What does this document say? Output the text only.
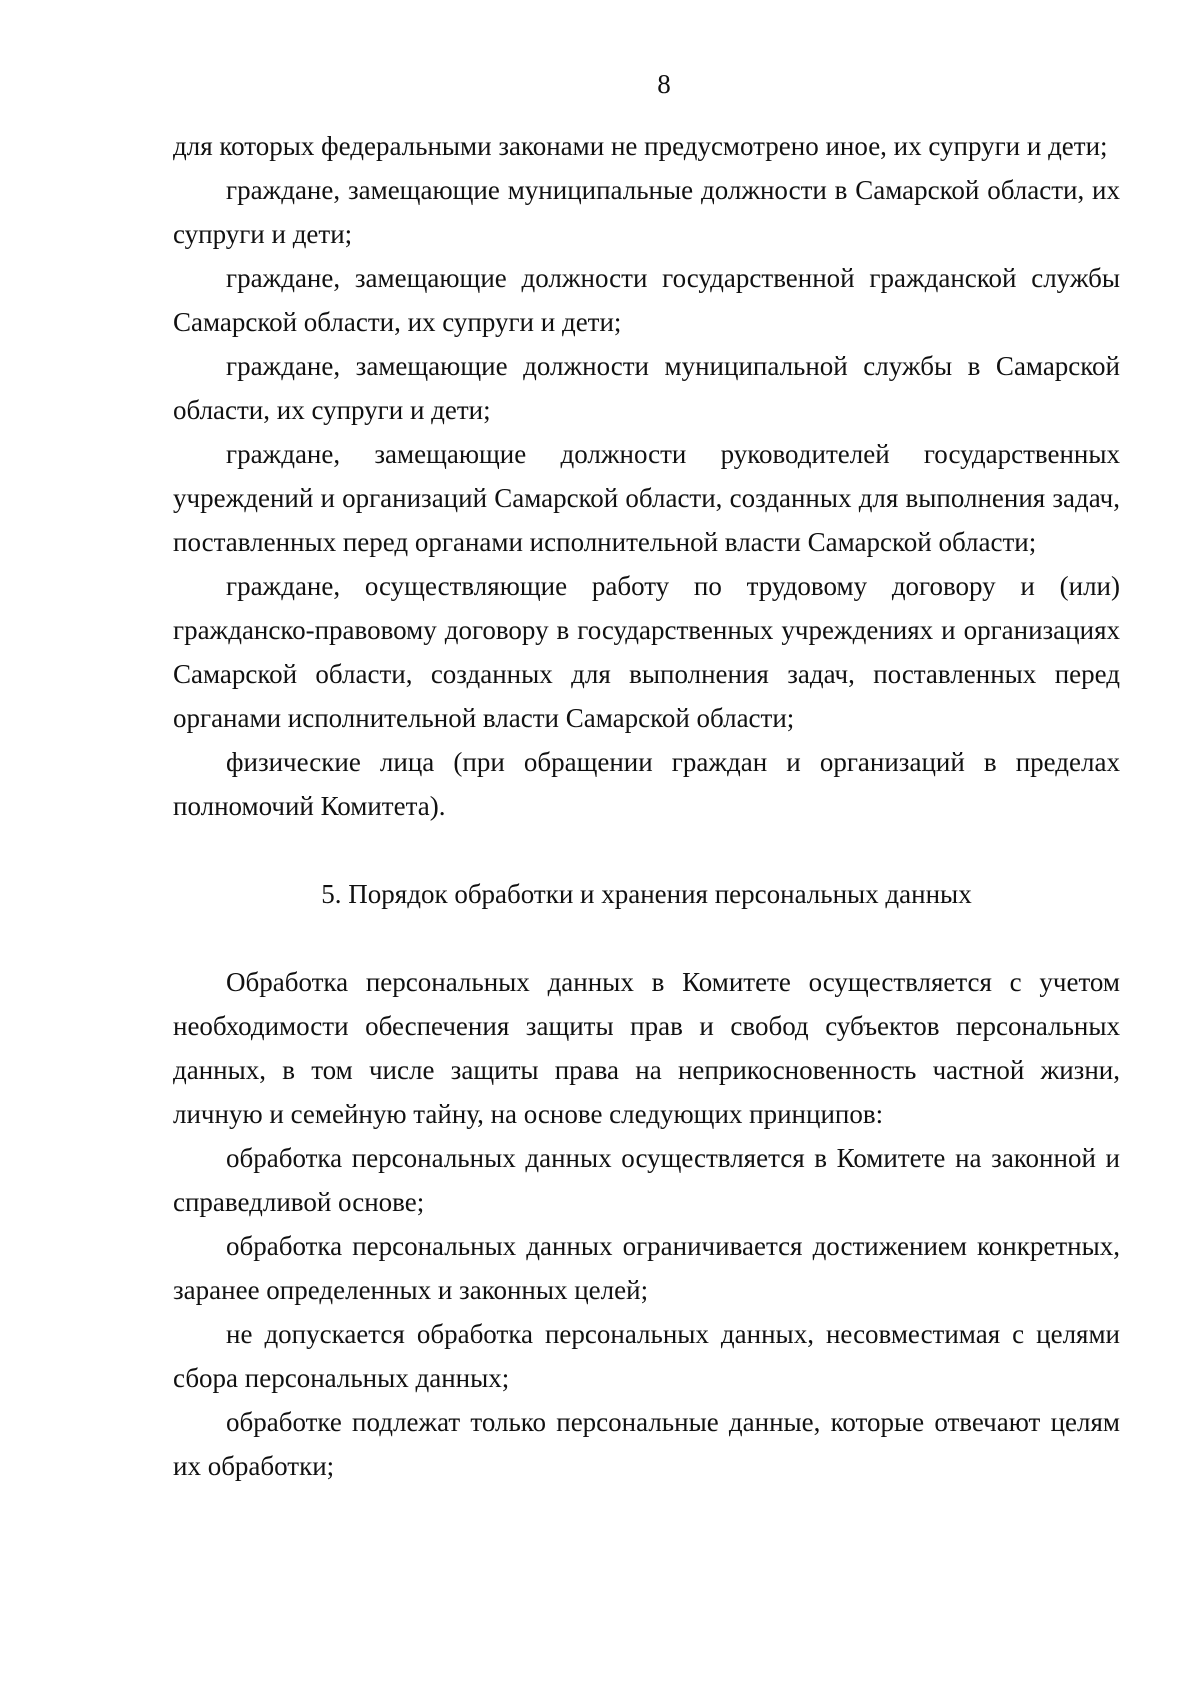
8

для которых федеральными законами не предусмотрено иное, их супруги и дети;

граждане, замещающие муниципальные должности в Самарской области, их супруги и дети;

граждане, замещающие должности государственной гражданской службы Самарской области, их супруги и дети;

граждане, замещающие должности муниципальной службы в Самарской области, их супруги и дети;

граждане, замещающие должности руководителей государственных учреждений и организаций Самарской области, созданных для выполнения задач, поставленных перед органами исполнительной власти Самарской области;

граждане, осуществляющие работу по трудовому договору и (или) гражданско-правовому договору в государственных учреждениях и организациях Самарской области, созданных для выполнения задач, поставленных перед органами исполнительной власти Самарской области;

физические лица (при обращении граждан и организаций в пределах полномочий Комитета).

5. Порядок обработки и хранения персональных данных

Обработка персональных данных в Комитете осуществляется с учетом необходимости обеспечения защиты прав и свобод субъектов персональных данных, в том числе защиты права на неприкосновенность частной жизни, личную и семейную тайну, на основе следующих принципов:

обработка персональных данных осуществляется в Комитете на законной и справедливой основе;

обработка персональных данных ограничивается достижением конкретных, заранее определенных и законных целей;

не допускается обработка персональных данных, несовместимая с целями сбора персональных данных;

обработке подлежат только персональные данные, которые отвечают целям их обработки;
